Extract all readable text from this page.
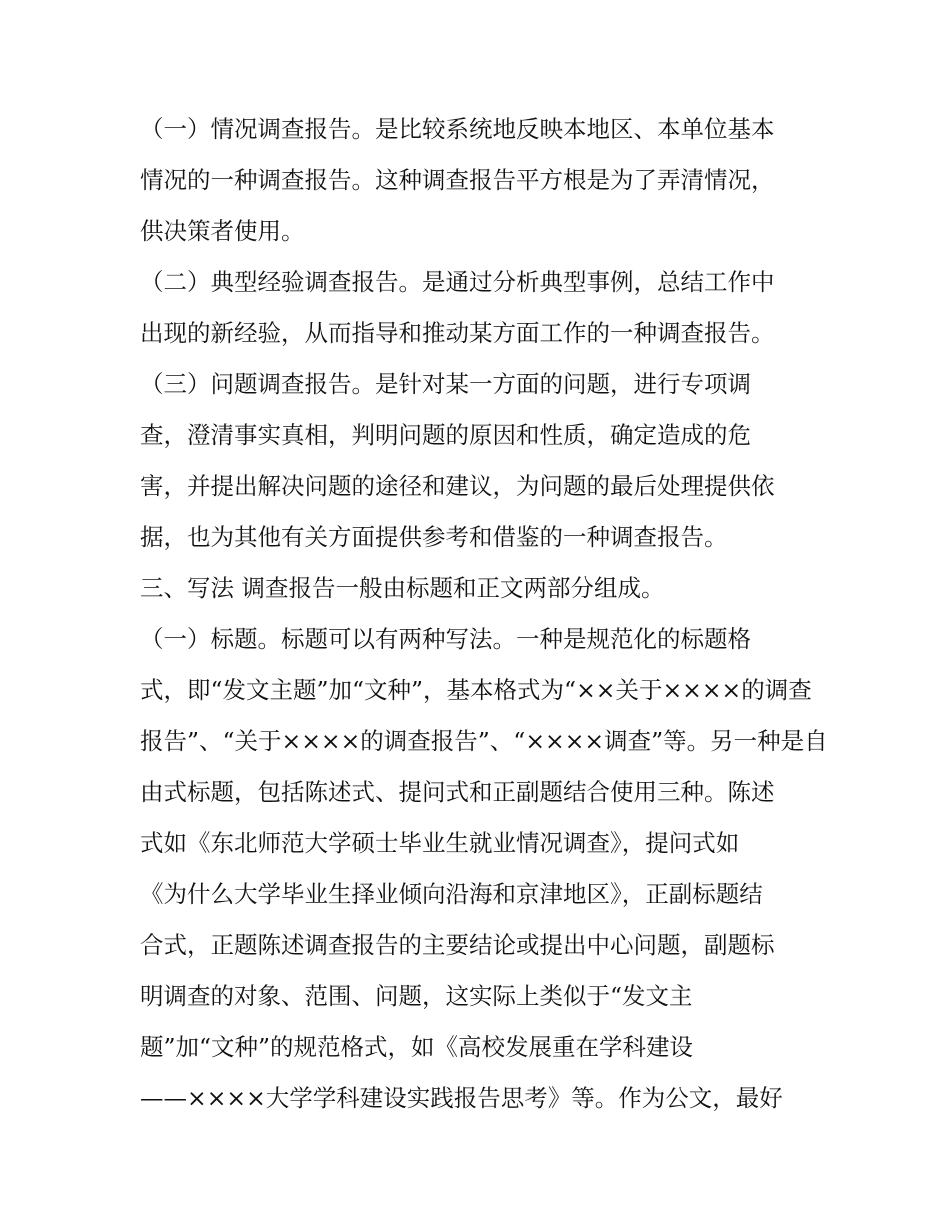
（一）情况调查报告。是比较系统地反映本地区、本单位基本
情况的一种调查报告。这种调查报告平方根是为了弄清情况，
供决策者使用。
（二）典型经验调查报告。是通过分析典型事例，总结工作中
出现的新经验，从而指导和推动某方面工作的一种调查报告。
（三）问题调查报告。是针对某一方面的问题，进行专项调
查，澄清事实真相，判明问题的原因和性质，确定造成的危
害，并提出解决问题的途径和建议，为问题的最后处理提供依
据，也为其他有关方面提供参考和借鉴的一种调查报告。
三、写法 调查报告一般由标题和正文两部分组成。
（一）标题。标题可以有两种写法。一种是规范化的标题格
式，即“发文主题”加“文种”，基本格式为“××关于××××的调查
报告”、“关于××××的调查报告”、“××××调查”等。另一种是自
由式标题，包括陈述式、提问式和正副题结合使用三种。陈述
式如《东北师范大学硕士毕业生就业情况调查》，提问式如
《为什么大学毕业生择业倾向沿海和京津地区》，正副标题结
合式，正题陈述调查报告的主要结论或提出中心问题，副题标
明调查的对象、范围、问题，这实际上类似于“发文主
题”加“文种”的规范格式，如《高校发展重在学科建设
——××××大学学科建设实践报告思考》等。作为公文，最好
